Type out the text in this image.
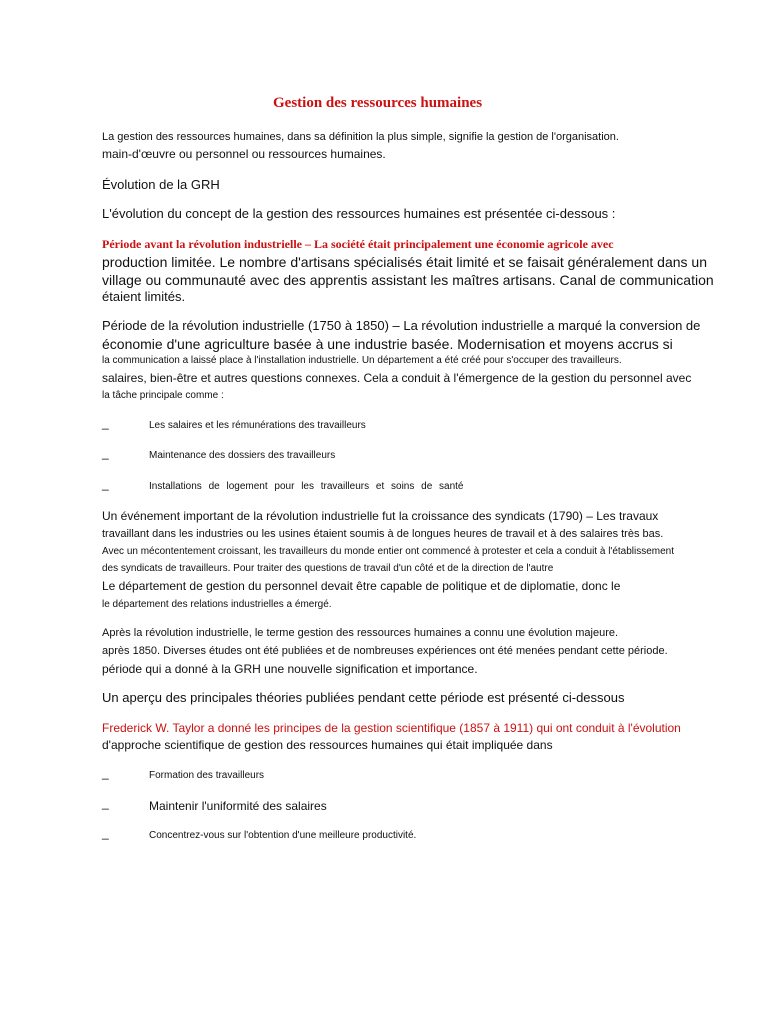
Gestion des ressources humaines
La gestion des ressources humaines, dans sa définition la plus simple, signifie la gestion de l'organisation.
main-d'œuvre ou personnel ou ressources humaines.
Évolution de la GRH
L'évolution du concept de la gestion des ressources humaines est présentée ci-dessous :
Période avant la révolution industrielle – La société était principalement une économie agricole avec
production limitée. Le nombre d'artisans spécialisés était limité et se faisait généralement dans un
village ou communauté avec des apprentis assistant les maîtres artisans. Canal de communication
étaient limités.
Période de la révolution industrielle (1750 à 1850) – La révolution industrielle a marqué la conversion de
économie d'une agriculture basée à une industrie basée. Modernisation et moyens accrus si
la communication a laissé place à l'installation industrielle. Un département a été créé pour s'occuper des travailleurs.
salaires, bien-être et autres questions connexes. Cela a conduit à l'émergence de la gestion du personnel avec
la tâche principale comme :
_	Les salaires et les rémunérations des travailleurs
_	Maintenance des dossiers des travailleurs
_	Installations de logement pour les travailleurs et soins de santé
Un événement important de la révolution industrielle fut la croissance des syndicats (1790) – Les travaux
travaillant dans les industries ou les usines étaient soumis à de longues heures de travail et à des salaires très bas.
Avec un mécontentement croissant, les travailleurs du monde entier ont commencé à protester et cela a conduit à l'établissement
des syndicats de travailleurs. Pour traiter des questions de travail d'un côté et de la direction de l'autre
Le département de gestion du personnel devait être capable de politique et de diplomatie, donc le
le département des relations industrielles a émergé.
Après la révolution industrielle, le terme gestion des ressources humaines a connu une évolution majeure.
après 1850. Diverses études ont été publiées et de nombreuses expériences ont été menées pendant cette période.
période qui a donné à la GRH une nouvelle signification et importance.
Un aperçu des principales théories publiées pendant cette période est présenté ci-dessous
Frederick W. Taylor a donné les principes de la gestion scientifique (1857 à 1911) qui ont conduit à l'évolution
d'approche scientifique de gestion des ressources humaines qui était impliquée dans
_	Formation des travailleurs
_	Maintenir l'uniformité des salaires
_	Concentrez-vous sur l'obtention d'une meilleure productivité.
